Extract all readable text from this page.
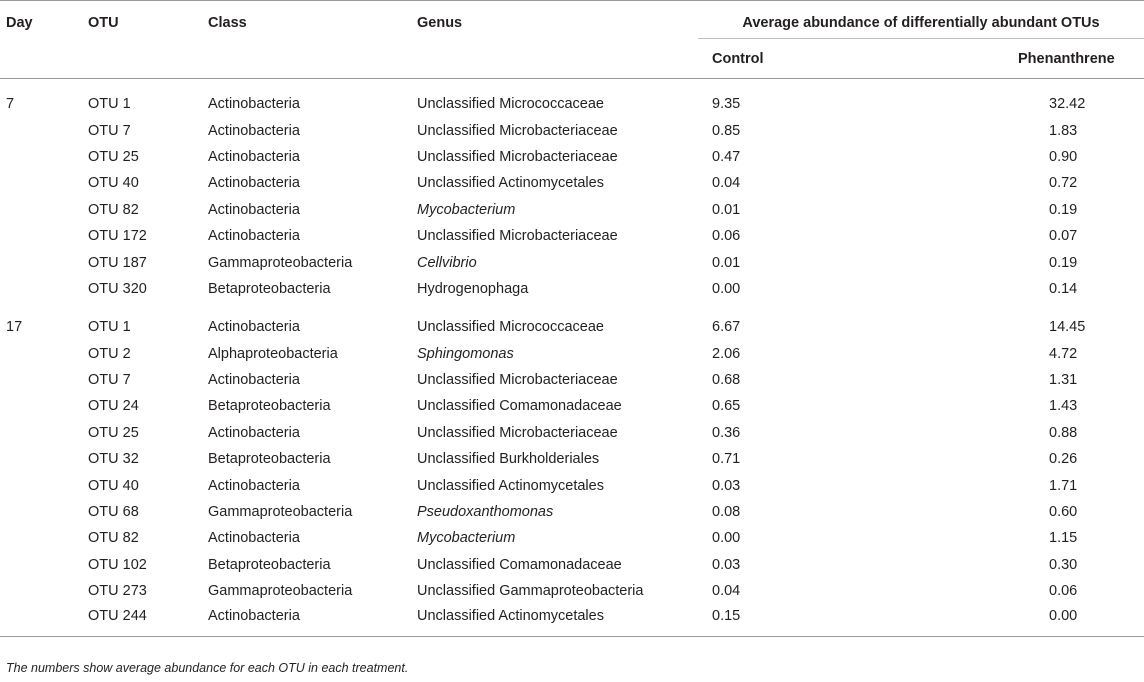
Day	OTU	Class	Genus	Average abundance of differentially abundant OTUs	
				Control	Phenanthrene

7	OTU 1	Actinobacteria	Unclassified Micrococcaceae	9.35	32.42
	OTU 7	Actinobacteria	Unclassified Microbacteriaceae	0.85	1.83
	OTU 25	Actinobacteria	Unclassified Microbacteriaceae	0.47	0.90
	OTU 40	Actinobacteria	Unclassified Actinomycetales	0.04	0.72
	OTU 82	Actinobacteria	Mycobacterium	0.01	0.19
	OTU 172	Actinobacteria	Unclassified Microbacteriaceae	0.06	0.07
	OTU 187	Gammaproteobacteria	Cellvibrio	0.01	0.19
	OTU 320	Betaproteobacteria	Hydrogenophaga	0.00	0.14

17	OTU 1	Actinobacteria	Unclassified Micrococcaceae	6.67	14.45
	OTU 2	Alphaproteobacteria	Sphingomonas	2.06	4.72
	OTU 7	Actinobacteria	Unclassified Microbacteriaceae	0.68	1.31
	OTU 24	Betaproteobacteria	Unclassified Comamonadaceae	0.65	1.43
	OTU 25	Actinobacteria	Unclassified Microbacteriaceae	0.36	0.88
	OTU 32	Betaproteobacteria	Unclassified Burkholderiales	0.71	0.26
	OTU 40	Actinobacteria	Unclassified Actinomycetales	0.03	1.71
	OTU 68	Gammaproteobacteria	Pseudoxanthomonas	0.08	0.60
	OTU 82	Actinobacteria	Mycobacterium	0.00	1.15
	OTU 102	Betaproteobacteria	Unclassified Comamonadaceae	0.03	0.30
	OTU 273	Gammaproteobacteria	Unclassified Gammaproteobacteria	0.04	0.06
	OTU 244	Actinobacteria	Unclassified Actinomycetales	0.15	0.00
The numbers show average abundance for each OTU in each treatment.
